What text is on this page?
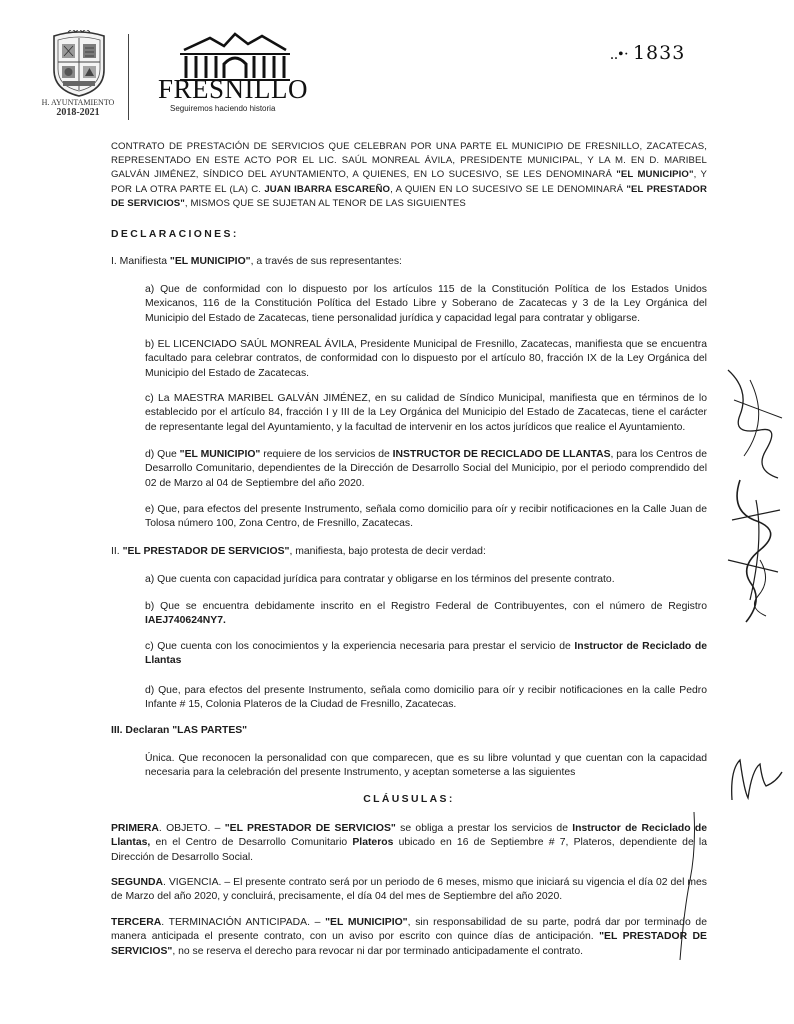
H. AYUNTAMIENTO
2018-2021
FRESNILLO
Seguiremos haciendo historia
..•· 1833
CONTRATO DE PRESTACIÓN DE SERVICIOS QUE CELEBRAN POR UNA PARTE EL MUNICIPIO DE FRESNILLO, ZACATECAS, REPRESENTADO EN ESTE ACTO POR EL LIC. SAÚL MONREAL ÁVILA, PRESIDENTE MUNICIPAL, Y LA M. EN D. MARIBEL GALVÁN JIMÉNEZ, SÍNDICO DEL AYUNTAMIENTO, A QUIENES, EN LO SUCESIVO, SE LES DENOMINARÁ "EL MUNICIPIO", Y POR LA OTRA PARTE EL (LA) C. JUAN IBARRA ESCAREÑO, A QUIEN EN LO SUCESIVO SE LE DENOMINARÁ "EL PRESTADOR DE SERVICIOS", MISMOS QUE SE SUJETAN AL TENOR DE LAS SIGUIENTES
DECLARACIONES:
I. Manifiesta "EL MUNICIPIO", a través de sus representantes:
a) Que de conformidad con lo dispuesto por los artículos 115 de la Constitución Política de los Estados Unidos Mexicanos, 116 de la Constitución Política del Estado Libre y Soberano de Zacatecas y 3 de la Ley Orgánica del Municipio del Estado de Zacatecas, tiene personalidad jurídica y capacidad legal para contratar y obligarse.
b) EL LICENCIADO SAÚL MONREAL ÁVILA, Presidente Municipal de Fresnillo, Zacatecas, manifiesta que se encuentra facultado para celebrar contratos, de conformidad con lo dispuesto por el artículo 80, fracción IX de la Ley Orgánica del Municipio del Estado de Zacatecas.
c) La MAESTRA MARIBEL GALVÁN JIMÉNEZ, en su calidad de Síndico Municipal, manifiesta que en términos de lo establecido por el artículo 84, fracción I y III de la Ley Orgánica del Municipio del Estado de Zacatecas, tiene el carácter de representante legal del Ayuntamiento, y la facultad de intervenir en los actos jurídicos que realice el Ayuntamiento.
d) Que "EL MUNICIPIO" requiere de los servicios de INSTRUCTOR DE RECICLADO DE LLANTAS, para los Centros de Desarrollo Comunitario, dependientes de la Dirección de Desarrollo Social del Municipio, por el periodo comprendido del 02 de Marzo al 04 de Septiembre del año 2020.
e) Que, para efectos del presente Instrumento, señala como domicilio para oír y recibir notificaciones en la Calle Juan de Tolosa número 100, Zona Centro, de Fresnillo, Zacatecas.
II. "EL PRESTADOR DE SERVICIOS", manifiesta, bajo protesta de decir verdad:
a) Que cuenta con capacidad jurídica para contratar y obligarse en los términos del presente contrato.
b) Que se encuentra debidamente inscrito en el Registro Federal de Contribuyentes, con el número de Registro IAEJ740624NY7.
c) Que cuenta con los conocimientos y la experiencia necesaria para prestar el servicio de Instructor de Reciclado de Llantas
d) Que, para efectos del presente Instrumento, señala como domicilio para oír y recibir notificaciones en la calle Pedro Infante # 15, Colonia Plateros de la Ciudad de Fresnillo, Zacatecas.
III. Declaran "LAS PARTES"
Única. Que reconocen la personalidad con que comparecen, que es su libre voluntad y que cuentan con la capacidad necesaria para la celebración del presente Instrumento, y aceptan someterse a las siguientes
CLÁUSULAS:
PRIMERA. OBJETO. – "EL PRESTADOR DE SERVICIOS" se obliga a prestar los servicios de Instructor de Reciclado de Llantas, en el Centro de Desarrollo Comunitario Plateros ubicado en 16 de Septiembre # 7, Plateros, dependiente de la Dirección de Desarrollo Social.
SEGUNDA. VIGENCIA. – El presente contrato será por un periodo de 6 meses, mismo que iniciará su vigencia el día 02 del mes de Marzo del año 2020, y concluirá, precisamente, el día 04 del mes de Septiembre del año 2020.
TERCERA. TERMINACIÓN ANTICIPADA. – "EL MUNICIPIO", sin responsabilidad de su parte, podrá dar por terminado de manera anticipada el presente contrato, con un aviso por escrito con quince días de anticipación. "EL PRESTADOR DE SERVICIOS", no se reserva el derecho para revocar ni dar por terminado anticipadamente el contrato.
